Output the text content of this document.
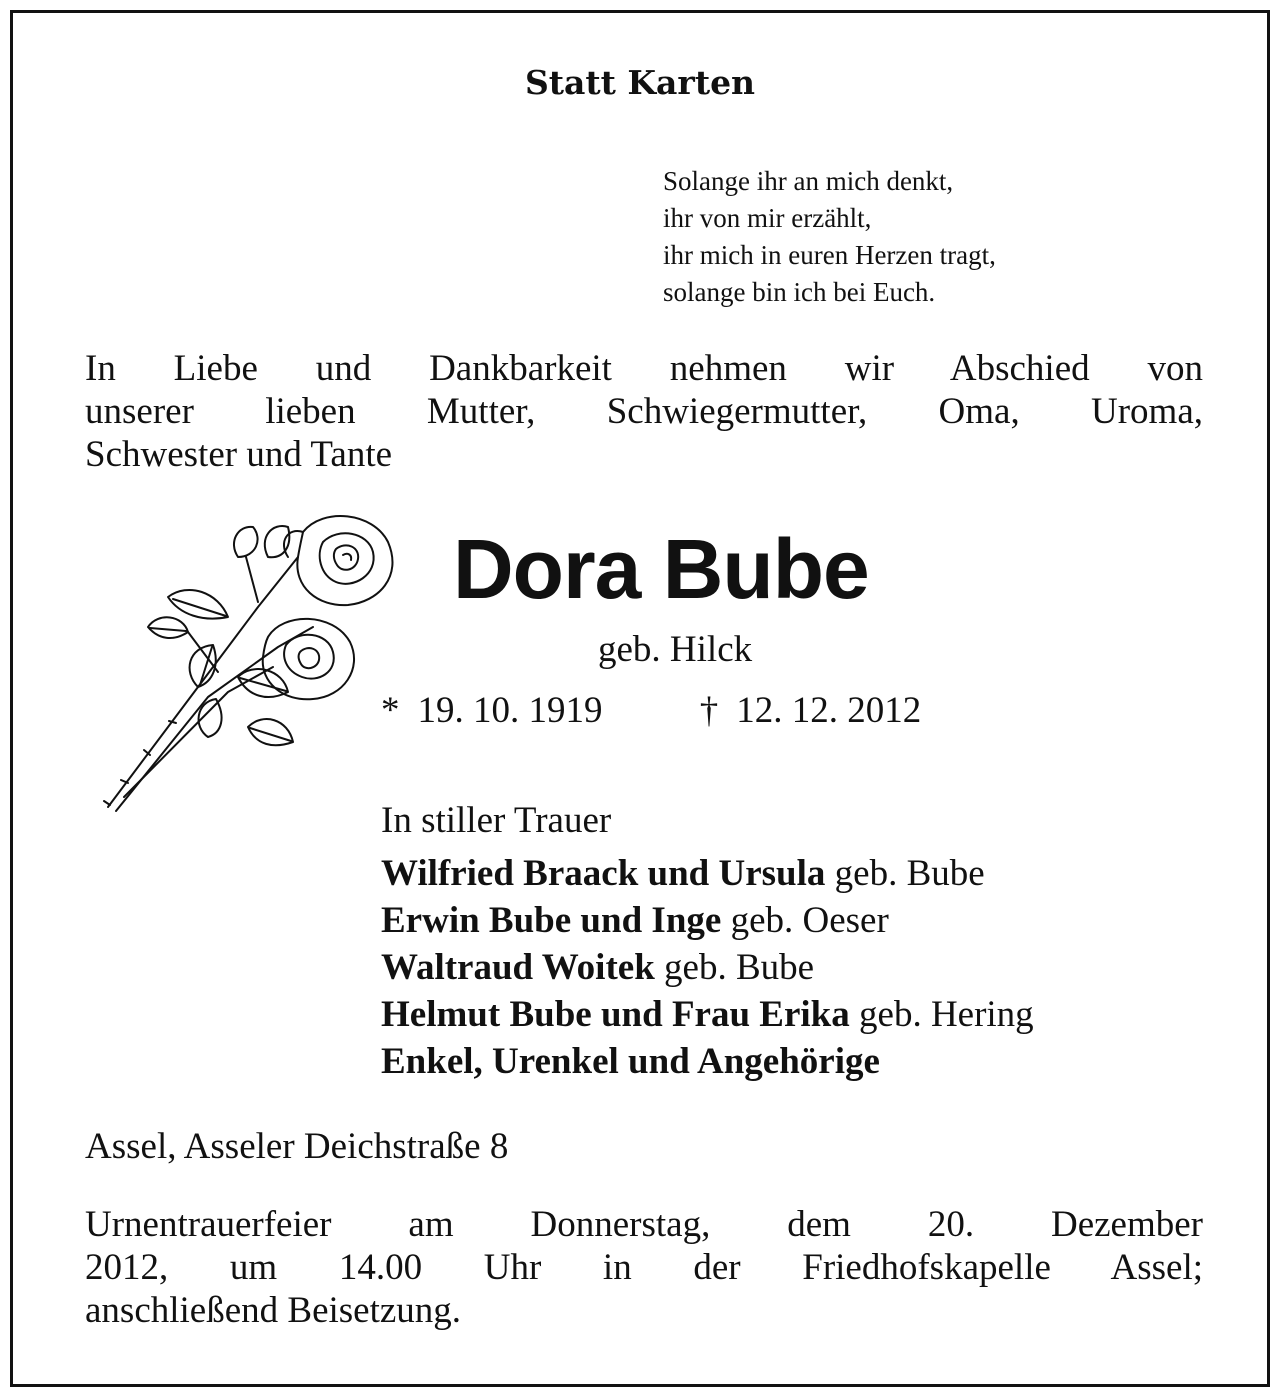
Statt Karten
Solange ihr an mich denkt,
ihr von mir erzählt,
ihr mich in euren Herzen tragt,
solange bin ich bei Euch.
In Liebe und Dankbarkeit nehmen wir Abschied von
unserer lieben Mutter, Schwiegermutter, Oma, Uroma,
Schwester und Tante
Dora Bube
geb. Hilck
* 19. 10. 1919	† 12. 12. 2012
In stiller Trauer
Wilfried Braack und Ursula geb. Bube
Erwin Bube und Inge geb. Oeser
Waltraud Woitek geb. Bube
Helmut Bube und Frau Erika geb. Hering
Enkel, Urenkel und Angehörige
Assel, Asseler Deichstraße 8
Urnentrauerfeier am Donnerstag, dem 20. Dezember
2012, um 14.00 Uhr in der Friedhofskapelle Assel;
anschließend Beisetzung.
